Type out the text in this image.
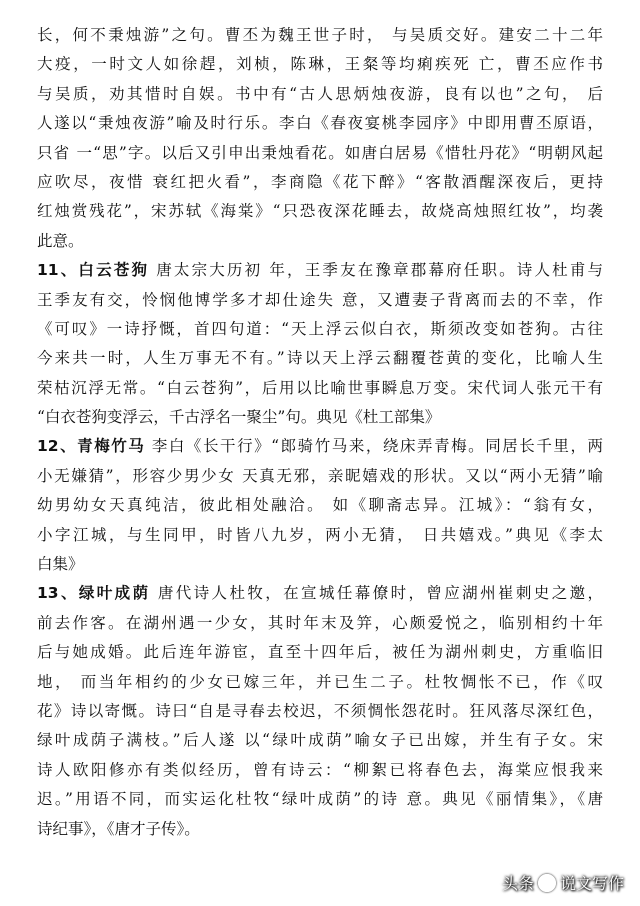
长，何不秉烛游”之句。曹丕为魏王世子时， 与吴质交好。建安二十二年
大疫，一时文人如徐趕，刘桢，陈琳，王粲等均痢疾死 亡，曹丕应作书
与吴质，劝其惜时自娱。书中有“古人思炳烛夜游，良有以也”之句， 后
人遂以“秉烛夜游”喻及时行乐。李白《春夜宴桃李园序》中即用曹丕原语，
只省 一“思”字。以后又引申出秉烛看花。如唐白居易《惜牡丹花》“明朝风起
应吹尽，夜惜 衰红把火看”，李商隐《花下醉》“客散酒醒深夜后，更持
红烛赏残花”，宋苏轼《海棠》“只恐夜深花睡去，故烧高烛照红妆”，均袭
此意。
11、白云苍狗 唐太宗大历初 年，王季友在豫章郡幕府任职。诗人杜甫与
王季友有交，怜悯他博学多才却仕途失 意，又遭妻子背离而去的不幸，作
《可叹》一诗抒慨，首四句道：“天上浮云似白衣，斯须改变如苍狗。古往
今来共一时，人生万事无不有。”诗以天上浮云翻覆苍黄的变化，比喻人生
荣枯沉浮无常。“白云苍狗”，后用以比喻世事瞬息万变。宋代词人张元干有
“白衣苍狗变浮云，千古浮名一聚尘”句。典见《杜工部集》
12、青梅竹马 李白《长干行》“郎骑竹马来，绕床弄青梅。同居长千里，两
小无嫌猜”，形容少男少女 天真无邪，亲昵嬉戏的形状。又以“两小无猜”喻
幼男幼女天真纯洁，彼此相处融洽。 如《聊斋志异。江城》：“翁有女，
小字江城，与生同甲，时皆八九岁，两小无猜， 日共嬉戏。”典见《李太
白集》
13、绿叶成荫 唐代诗人杜牧，在宣城任幕僚时，曾应湖州崔刺史之邀，
前去作客。在湖州遇一少女，其时年末及笄，心颇爱悦之，临别相约十年
后与她成婚。此后连年游宦，直至十四年后，被任为湖州刺史，方重临旧
地， 而当年相约的少女已嫁三年，并已生二子。杜牧惆怅不已，作《叹
花》诗以寄慨。诗曰“自是寻春去校迟，不须惆怅怨花时。狂风落尽深红色，
绿叶成荫子满枝。”后人遂 以“绿叶成荫”喻女子已出嫁，并生有子女。宋
诗人欧阳修亦有类似经历，曾有诗云：“柳絮已将春色去，海棠应恨我来
迟。”用语不同，而实运化杜牧“绿叶成荫”的诗 意。典见《丽情集》，《唐
诗纪事》，《唐才子传》。
头条 说文写作
